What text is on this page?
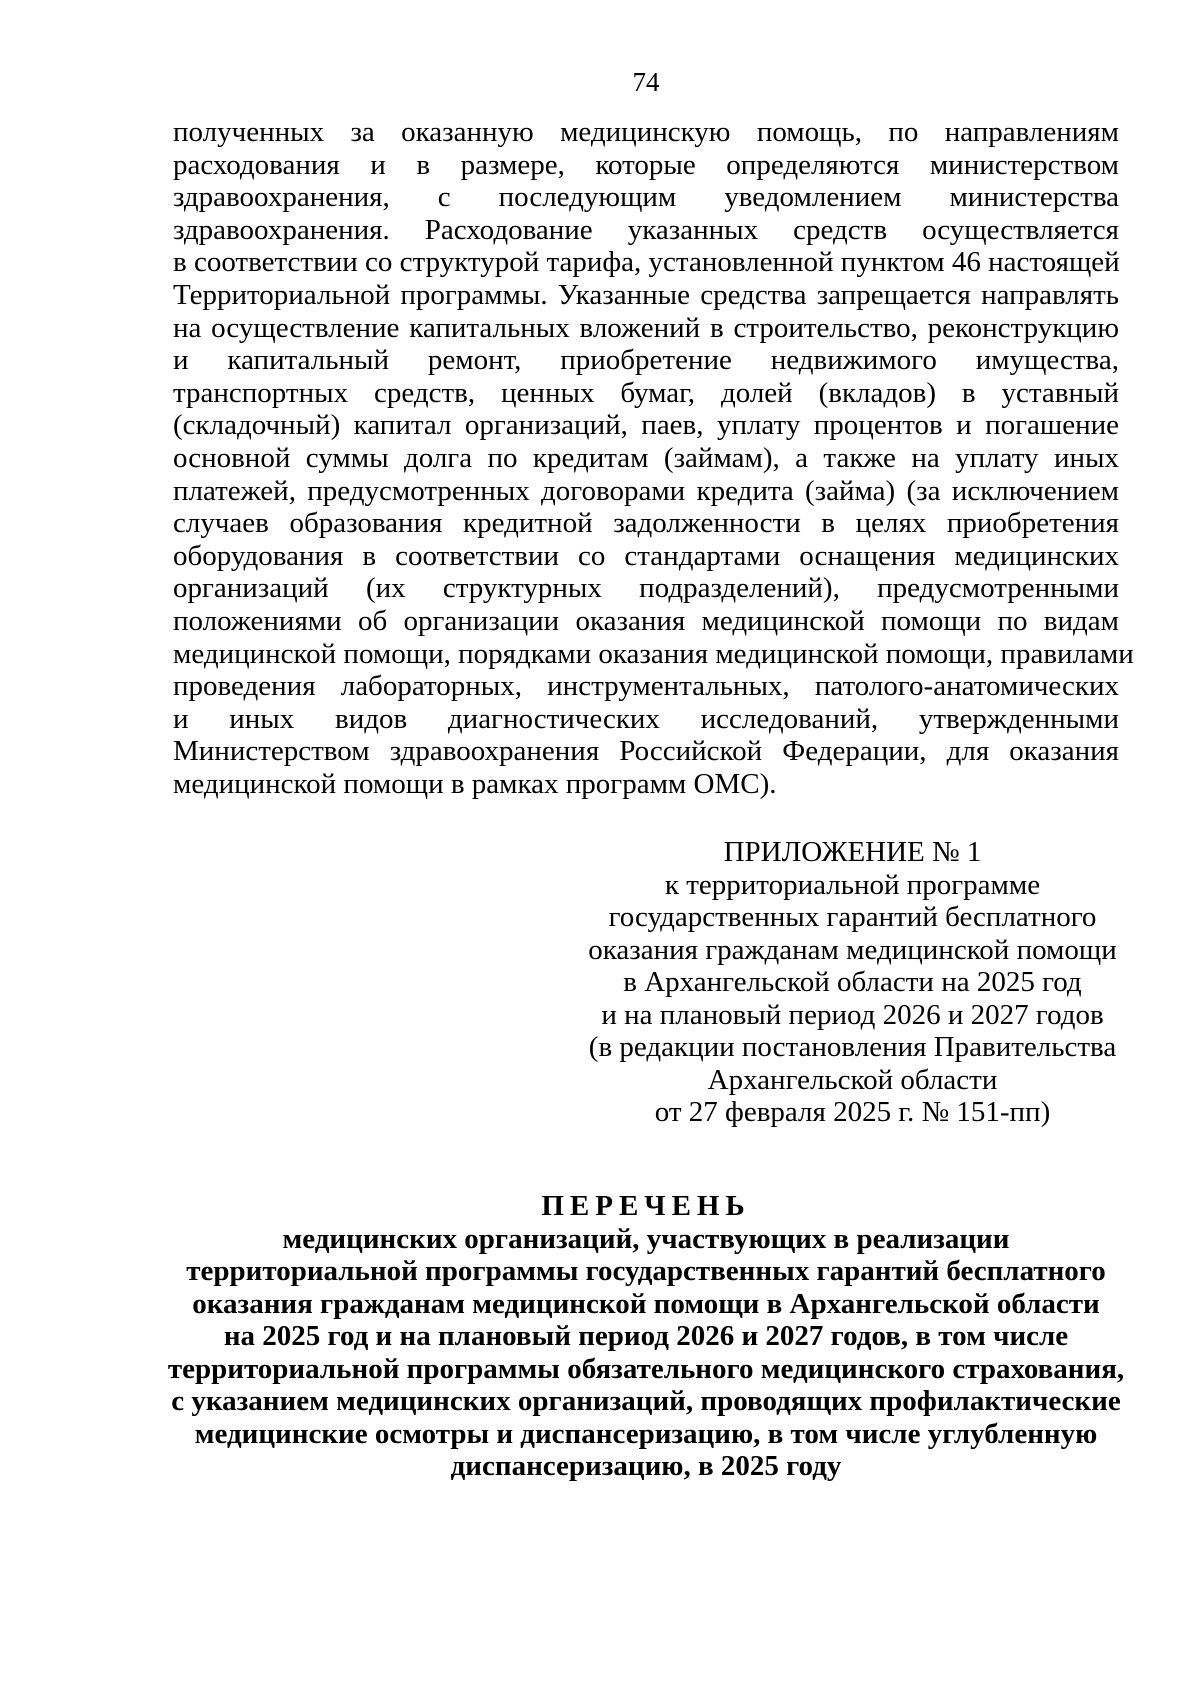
74
полученных за оказанную медицинскую помощь, по направлениям
расходования и в размере, которые определяются министерством
здравоохранения, с последующим уведомлением министерства
здравоохранения. Расходование указанных средств осуществляется
в соответствии со структурой тарифа, установленной пунктом 46 настоящей
Территориальной программы. Указанные средства запрещается направлять
на осуществление капитальных вложений в строительство, реконструкцию
и капитальный ремонт, приобретение недвижимого имущества,
транспортных средств, ценных бумаг, долей (вкладов) в уставный
(складочный) капитал организаций, паев, уплату процентов и погашение
основной суммы долга по кредитам (займам), а также на уплату иных
платежей, предусмотренных договорами кредита (займа) (за исключением
случаев образования кредитной задолженности в целях приобретения
оборудования в соответствии со стандартами оснащения медицинских
организаций (их структурных подразделений), предусмотренными
положениями об организации оказания медицинской помощи по видам
медицинской помощи, порядками оказания медицинской помощи, правилами
проведения лабораторных, инструментальных, патолого-анатомических
и иных видов диагностических исследований, утвержденными
Министерством здравоохранения Российской Федерации, для оказания
медицинской помощи в рамках программ ОМС).
ПРИЛОЖЕНИЕ № 1
к территориальной программе
государственных гарантий бесплатного
оказания гражданам медицинской помощи
в Архангельской области на 2025 год
и на плановый период 2026 и 2027 годов
(в редакции постановления Правительства
Архангельской области
от 27 февраля 2025 г. № 151-пп)
ПЕРЕЧЕНЬ
медицинских организаций, участвующих в реализации
территориальной программы государственных гарантий бесплатного
оказания гражданам медицинской помощи в Архангельской области
на 2025 год и на плановый период 2026 и 2027 годов, в том числе
территориальной программы обязательного медицинского страхования,
с указанием медицинских организаций, проводящих профилактические
медицинские осмотры и диспансеризацию, в том числе углубленную
диспансеризацию, в 2025 году
